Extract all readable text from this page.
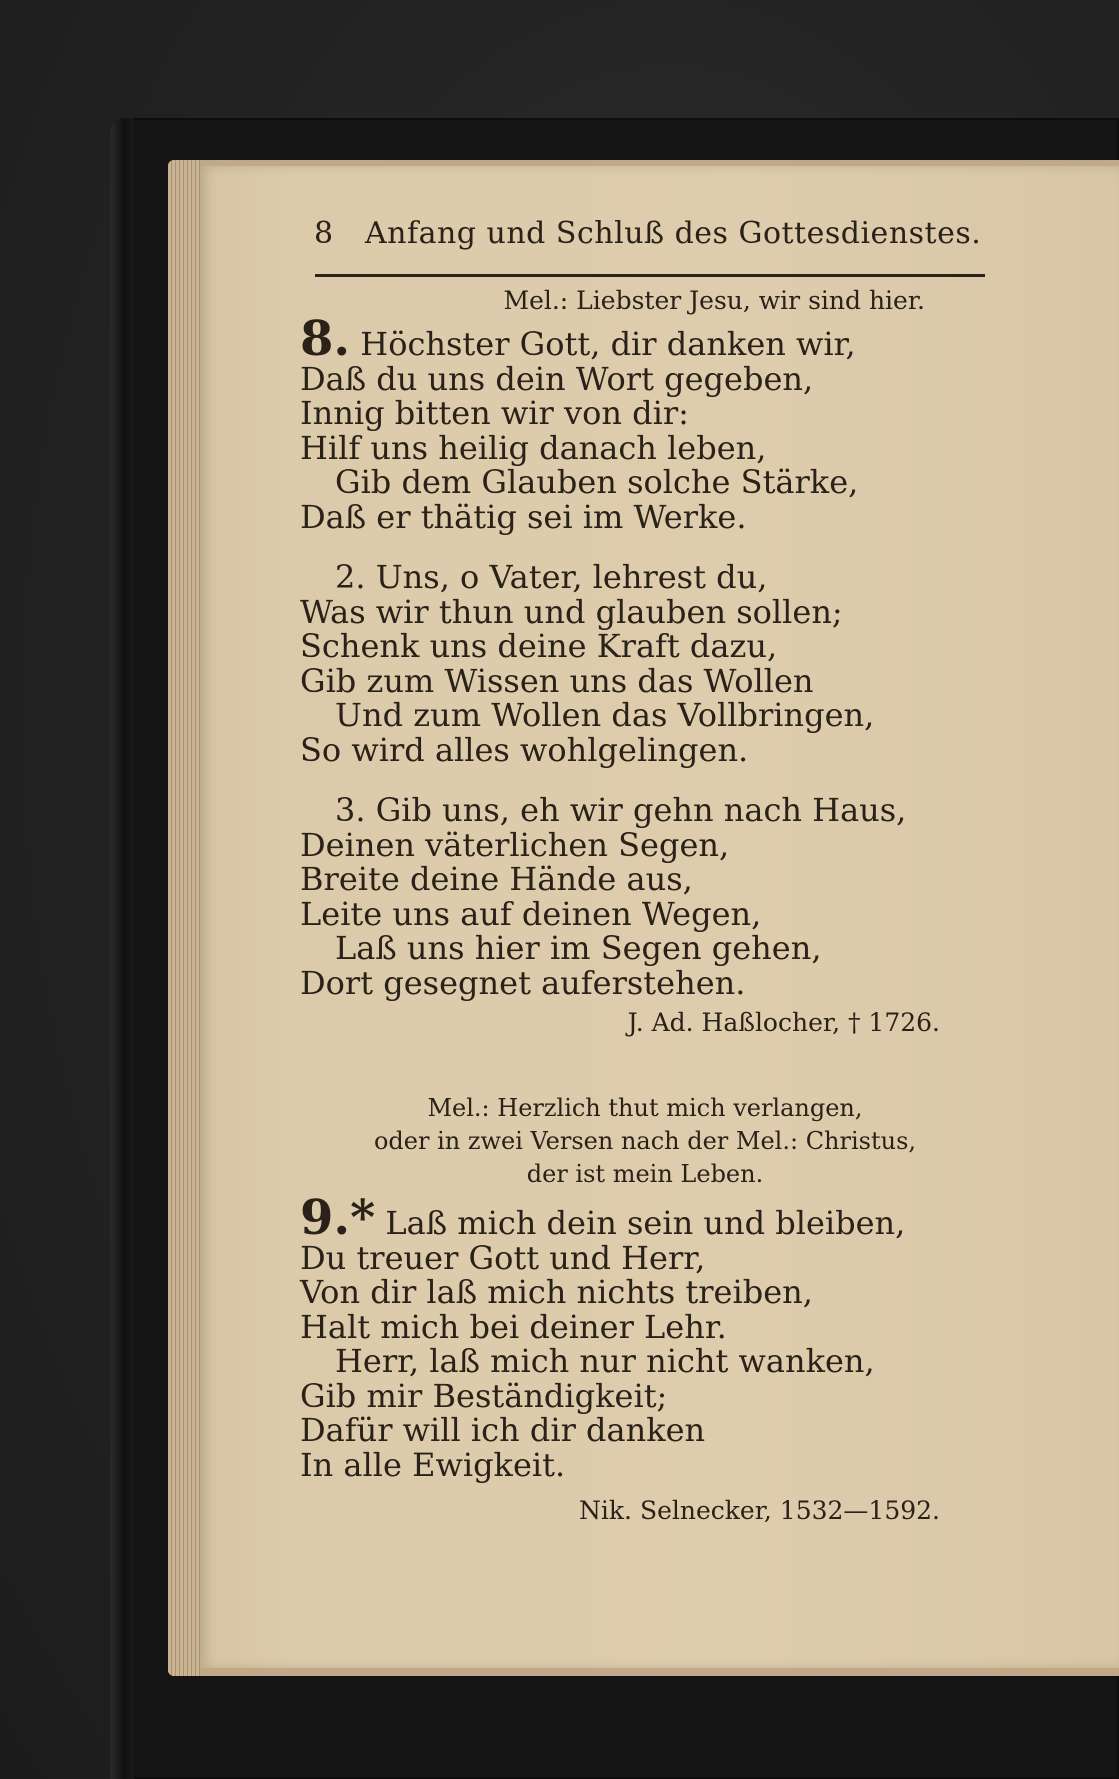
8 Anfang und Schluß des Gottesdienstes.
Mel.: Liebster Jesu, wir sind hier.
8. Höchster Gott, dir danken wir,
Daß du uns dein Wort gegeben,
Innig bitten wir von dir:
Hilf uns heilig danach leben,
Gib dem Glauben solche Stärke,
Daß er thätig sei im Werke.
2. Uns, o Vater, lehrest du,
Was wir thun und glauben sollen;
Schenk uns deine Kraft dazu,
Gib zum Wissen uns das Wollen
Und zum Wollen das Vollbringen,
So wird alles wohlgelingen.
3. Gib uns, eh wir gehn nach Haus,
Deinen väterlichen Segen,
Breite deine Hände aus,
Leite uns auf deinen Wegen,
Laß uns hier im Segen gehen,
Dort gesegnet auferstehen.
J. Ad. Haßlocher, † 1726.
Mel.: Herzlich thut mich verlangen,
oder in zwei Versen nach der Mel.: Christus,
der ist mein Leben.
9.* Laß mich dein sein und bleiben,
Du treuer Gott und Herr,
Von dir laß mich nichts treiben,
Halt mich bei deiner Lehr.
Herr, laß mich nur nicht wanken,
Gib mir Beständigkeit;
Dafür will ich dir danken
In alle Ewigkeit.
Nik. Selnecker, 1532—1592.
